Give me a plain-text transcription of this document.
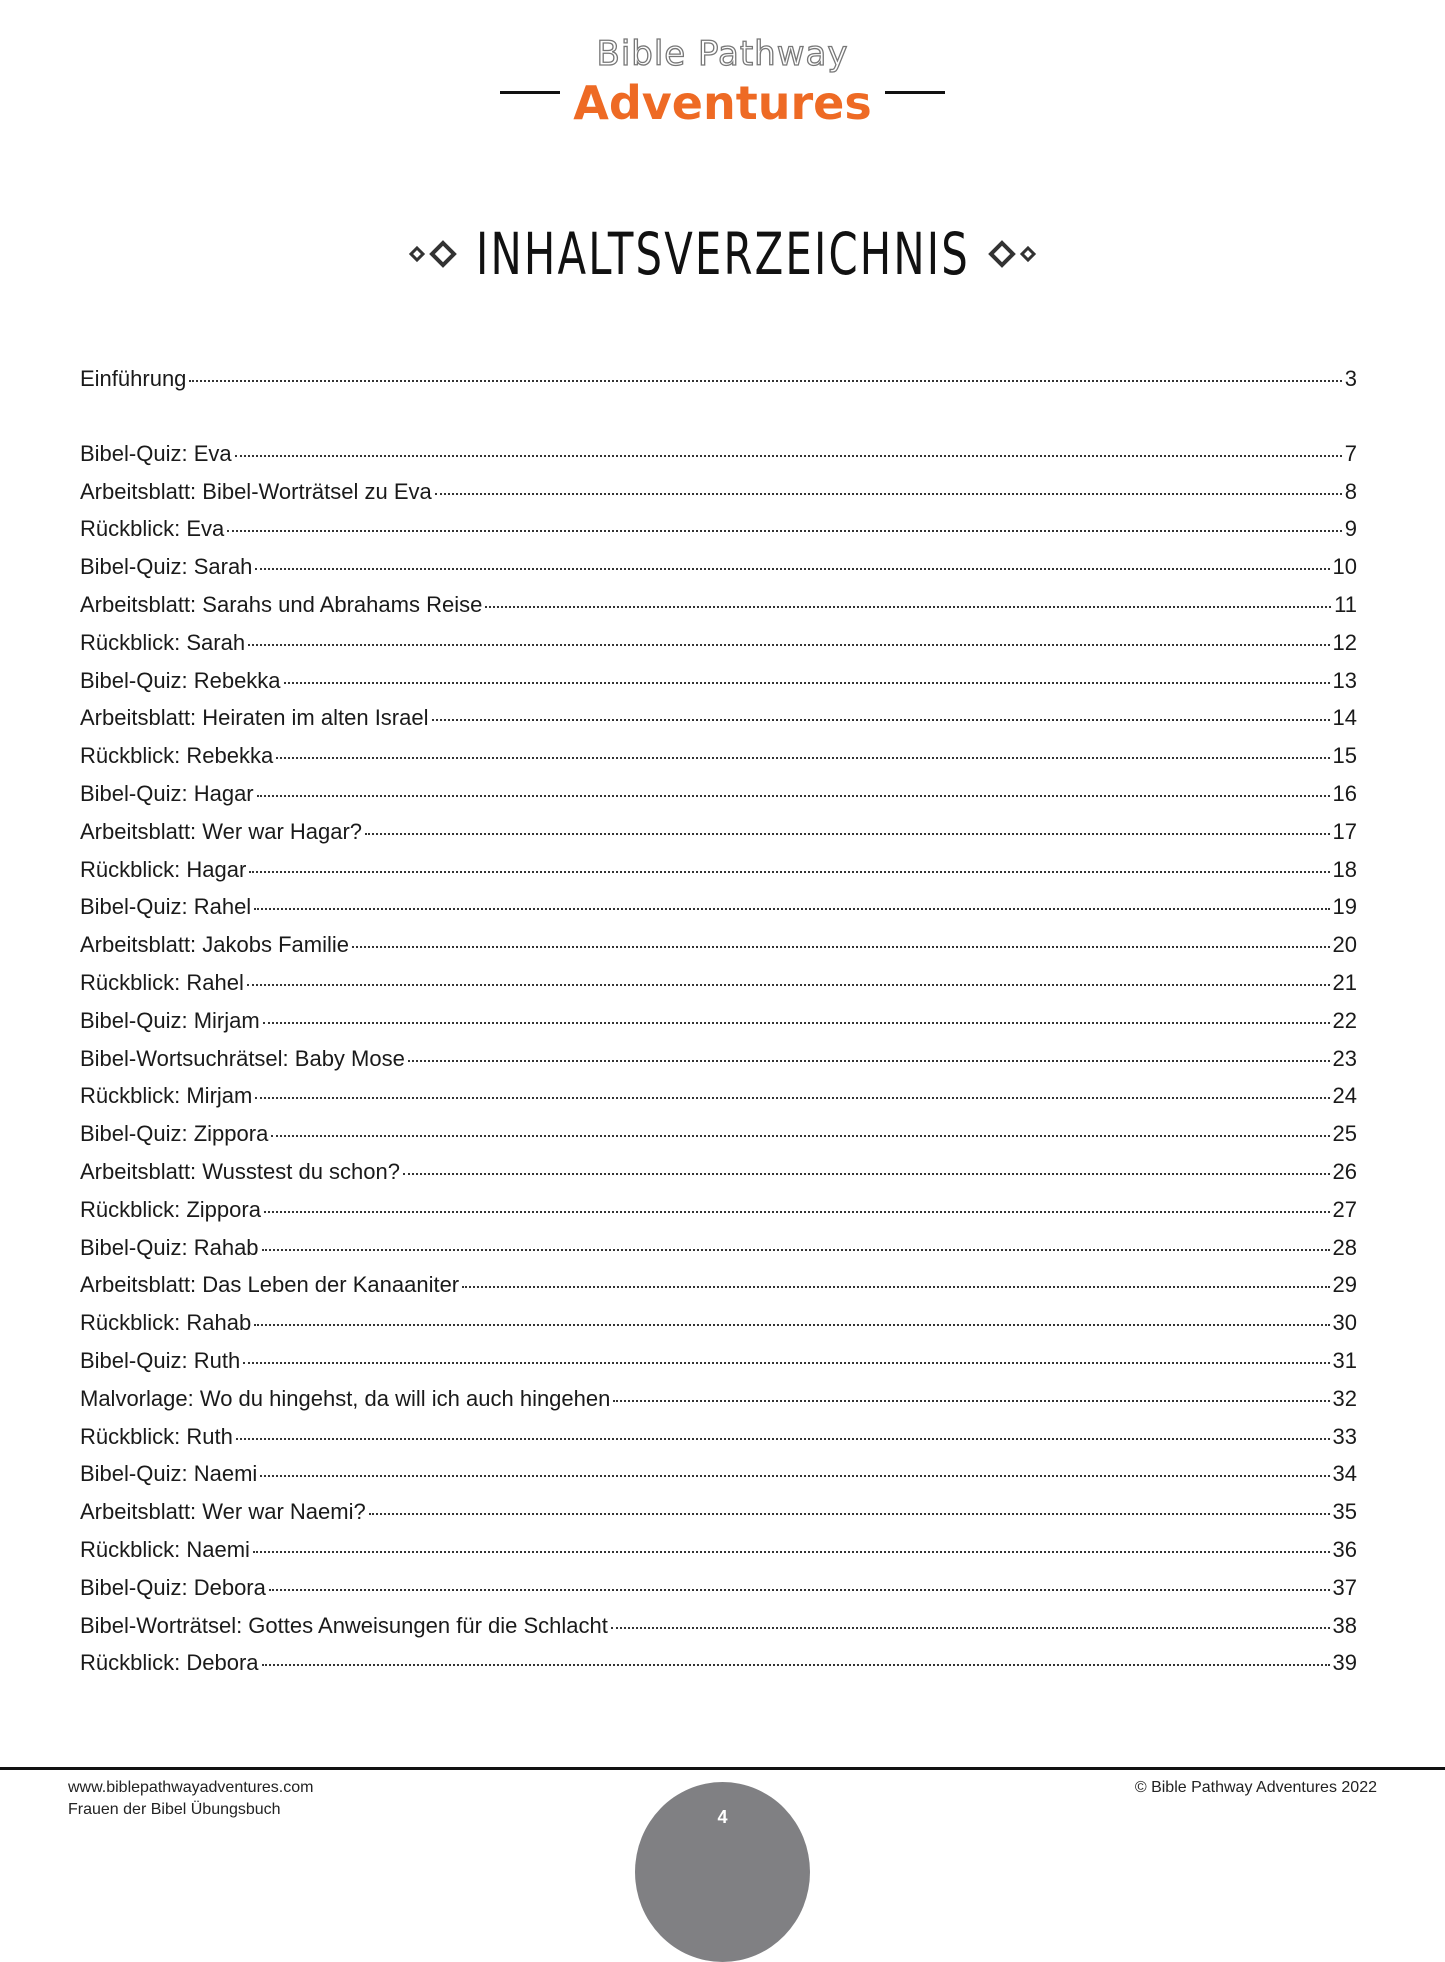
Bible Pathway
Adventures
INHALTSVERZEICHNIS
Einführung	3
Bibel-Quiz: Eva	7
Arbeitsblatt: Bibel-Worträtsel zu Eva	8
Rückblick: Eva	9
Bibel-Quiz: Sarah	10
Arbeitsblatt: Sarahs und Abrahams Reise	11
Rückblick: Sarah	12
Bibel-Quiz: Rebekka	13
Arbeitsblatt: Heiraten im alten Israel	14
Rückblick: Rebekka	15
Bibel-Quiz: Hagar	16
Arbeitsblatt: Wer war Hagar?	17
Rückblick: Hagar	18
Bibel-Quiz: Rahel	19
Arbeitsblatt: Jakobs Familie	20
Rückblick: Rahel	21
Bibel-Quiz: Mirjam	22
Bibel-Wortsuchrätsel: Baby Mose	23
Rückblick: Mirjam	24
Bibel-Quiz: Zippora	25
Arbeitsblatt: Wusstest du schon?	26
Rückblick: Zippora	27
Bibel-Quiz: Rahab	28
Arbeitsblatt: Das Leben der Kanaaniter	29
Rückblick: Rahab	30
Bibel-Quiz: Ruth	31
Malvorlage: Wo du hingehst, da will ich auch hingehen	32
Rückblick: Ruth	33
Bibel-Quiz: Naemi	34
Arbeitsblatt: Wer war Naemi?	35
Rückblick: Naemi	36
Bibel-Quiz: Debora	37
Bibel-Worträtsel: Gottes Anweisungen für die Schlacht	38
Rückblick: Debora	39
www.biblepathwayadventures.com
Frauen der Bibel Übungsbuch
© Bible Pathway Adventures 2022
4
